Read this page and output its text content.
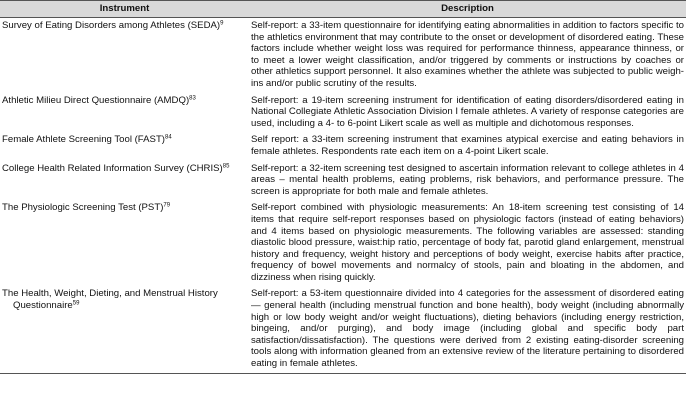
Instrument	Description

Survey of Eating Disorders among Athletes (SEDA)$^9$	Self-report: a 33-item questionnaire for identifying eating abnormalities in addition to factors specific to the athletics environment that may contribute to the onset or development of disordered eating. These factors include whether weight loss was required for performance thinness, appearance thinness, or to meet a lower weight classification, and/or triggered by comments or instructions by coaches or other athletics support personnel. It also examines whether the athlete was subjected to public weigh-ins and/or public scrutiny of the results.

Athletic Milieu Direct Questionnaire (AMDQ)$^{83}$	Self-report: a 19-item screening instrument for identification of eating disorders/disordered eating in National Collegiate Athletic Association Division I female athletes. A variety of response categories are used, including a 4- to 6-point Likert scale as well as multiple and dichotomous responses.

Female Athlete Screening Tool (FAST)$^{84}$	Self report: a 33-item screening instrument that examines atypical exercise and eating behaviors in female athletes. Respondents rate each item on a 4-point Likert scale.

College Health Related Information Survey (CHRIS)$^{85}$	Self-report: a 32-item screening test designed to ascertain information relevant to college athletes in 4 areas – mental health problems, eating problems, risk behaviors, and performance pressure. The screen is appropriate for both male and female athletes.

The Physiologic Screening Test (PST)$^{79}$	Self-report combined with physiologic measurements: An 18-item screening test consisting of 14 items that require self-report responses based on physiologic factors (instead of eating behaviors) and 4 items based on physiologic measurements. The following variables are assessed: standing diastolic blood pressure, waist:hip ratio, percentage of body fat, parotid gland enlargement, menstrual history and frequency, weight history and perceptions of body weight, exercise habits after practice, frequency of bowel movements and normalcy of stools, pain and bloating in the abdomen, and dizziness when rising quickly.

The Health, Weight, Dieting, and Menstrual History Questionnaire$^{59}$	Self-report: a 53-item questionnaire divided into 4 categories for the assessment of disordered eating — general health (including menstrual function and bone health), body weight (including abnormally high or low body weight and/or weight fluctuations), dieting behaviors (including energy restriction, bingeing, and/or purging), and body image (including global and specific body part satisfaction/dissatisfaction). The questions were derived from 2 existing eating-disorder screening tools along with information gleaned from an extensive review of the literature pertaining to disordered eating in female athletes.
